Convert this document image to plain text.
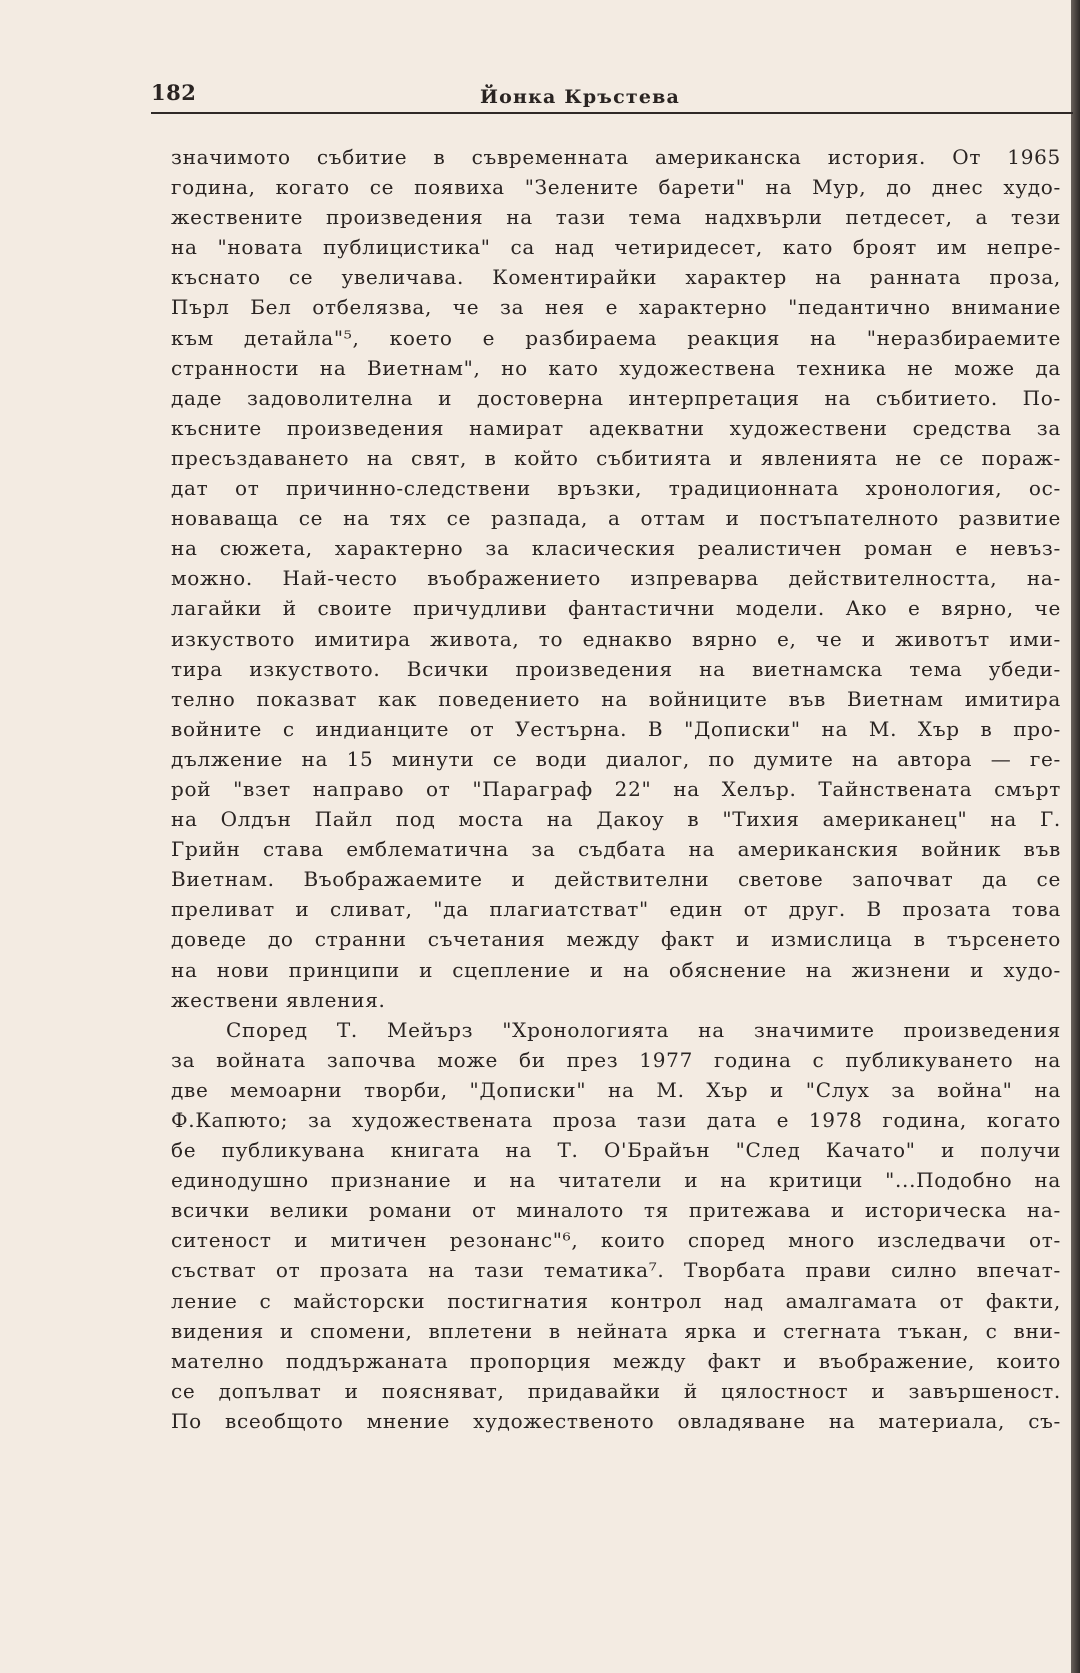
182	Йонка Кръстева
значимото събитие в съвременната американска история. От 1965
година, когато се появиха "Зелените барети" на Мур, до днес худо-
жествените произведения на тази тема надхвърли петдесет, а тези
на "новата публицистика" са над четиридесет, като броят им непре-
къснато се увеличава. Коментирайки характер на ранната проза,
Пърл Бел отбелязва, че за нея е характерно "педантично внимание
към детайла"⁵, което е разбираема реакция на "неразбираемите
странности на Виетнам", но като художествена техника не може да
даде задоволителна и достоверна интерпретация на събитието. По-
късните произведения намират адекватни художествени средства за
пресъздаването на свят, в който събитията и явленията не се пораж-
дат от причинно-следствени връзки, традиционната хронология, ос-
новаваща се на тях се разпада, а оттам и постъпателното развитие
на сюжета, характерно за класическия реалистичен роман е невъз-
можно. Най-често въображението изпреварва действителността, на-
лагайки й своите причудливи фантастични модели. Ако е вярно, че
изкуството имитира живота, то еднакво вярно е, че и животът ими-
тира изкуството. Всички произведения на виетнамска тема убеди-
телно показват как поведението на войниците във Виетнам имитира
войните с индианците от Уестърна. В "Дописки" на М. Хър в про-
дължение на 15 минути се води диалог, по думите на автора — ге-
рой "взет направо от "Параграф 22" на Хелър. Тайнствената смърт
на Олдън Пайл под моста на Дакоу в "Тихия американец" на Г.
Грийн става емблематична за съдбата на американския войник във
Виетнам. Въображаемите и действителни светове започват да се
преливат и сливат, "да плагиатстват" един от друг. В прозата това
доведе до странни съчетания между факт и измислица в търсенето
на нови принципи и сцепление и на обяснение на жизнени и худо-
жествени явления.
Според Т. Мейърз "Хронологията на значимите произведения
за войната започва може би през 1977 година с публикуването на
две мемоарни творби, "Дописки" на М. Хър и "Слух за война" на
Ф.Капюто; за художествената проза тази дата е 1978 година, когато
бе публикувана книгата на Т. О'Брайън "След Качато" и получи
единодушно признание и на читатели и на критици "...Подобно на
всички велики романи от миналото тя притежава и историческа на-
ситеност и митичен резонанс"⁶, които според много изследвачи от-
състват от прозата на тази тематика⁷. Творбата прави силно впечат-
ление с майсторски постигнатия контрол над амалгамата от факти,
видения и спомени, вплетени в нейната ярка и стегната тъкан, с вни-
мателно поддържаната пропорция между факт и въображение, които
се допълват и поясняват, придавайки й цялостност и завършеност.
По всеобщото мнение художественото овладяване на материала, съ-
